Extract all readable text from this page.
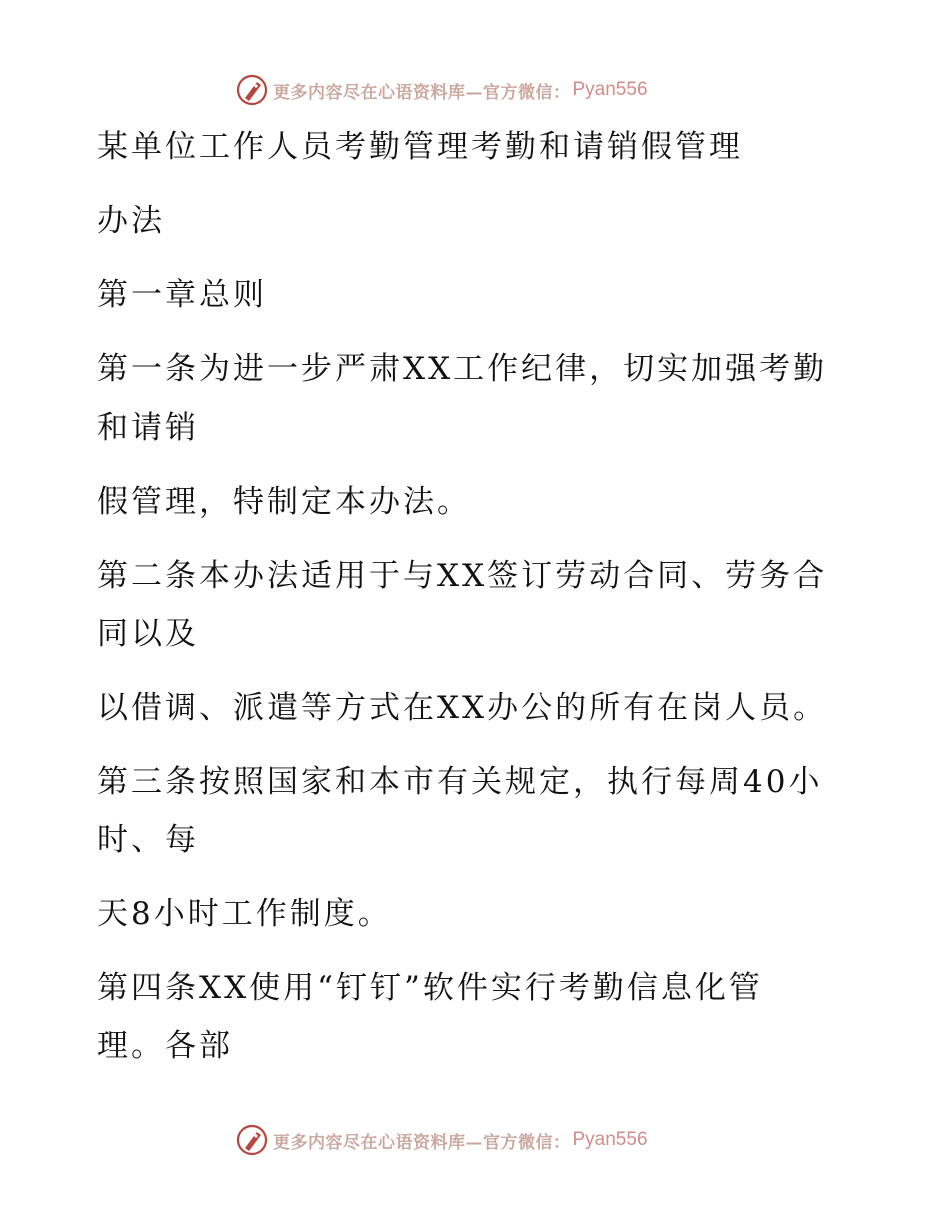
更多内容尽在心语资料库—官方微信： Pyan556

某单位工作人员考勤管理考勤和请销假管理

办法

第一章总则

第一条为进一步严肃XX工作纪律，切实加强考勤

和请销

假管理，特制定本办法。

第二条本办法适用于与XX签订劳动合同、劳务合

同以及

以借调、派遣等方式在XX办公的所有在岗人员。

第三条按照国家和本市有关规定，执行每周40小

时、每

天8小时工作制度。

第四条XX使用“钉钉”软件实行考勤信息化管

理。各部

更多内容尽在心语资料库—官方微信： Pyan556
